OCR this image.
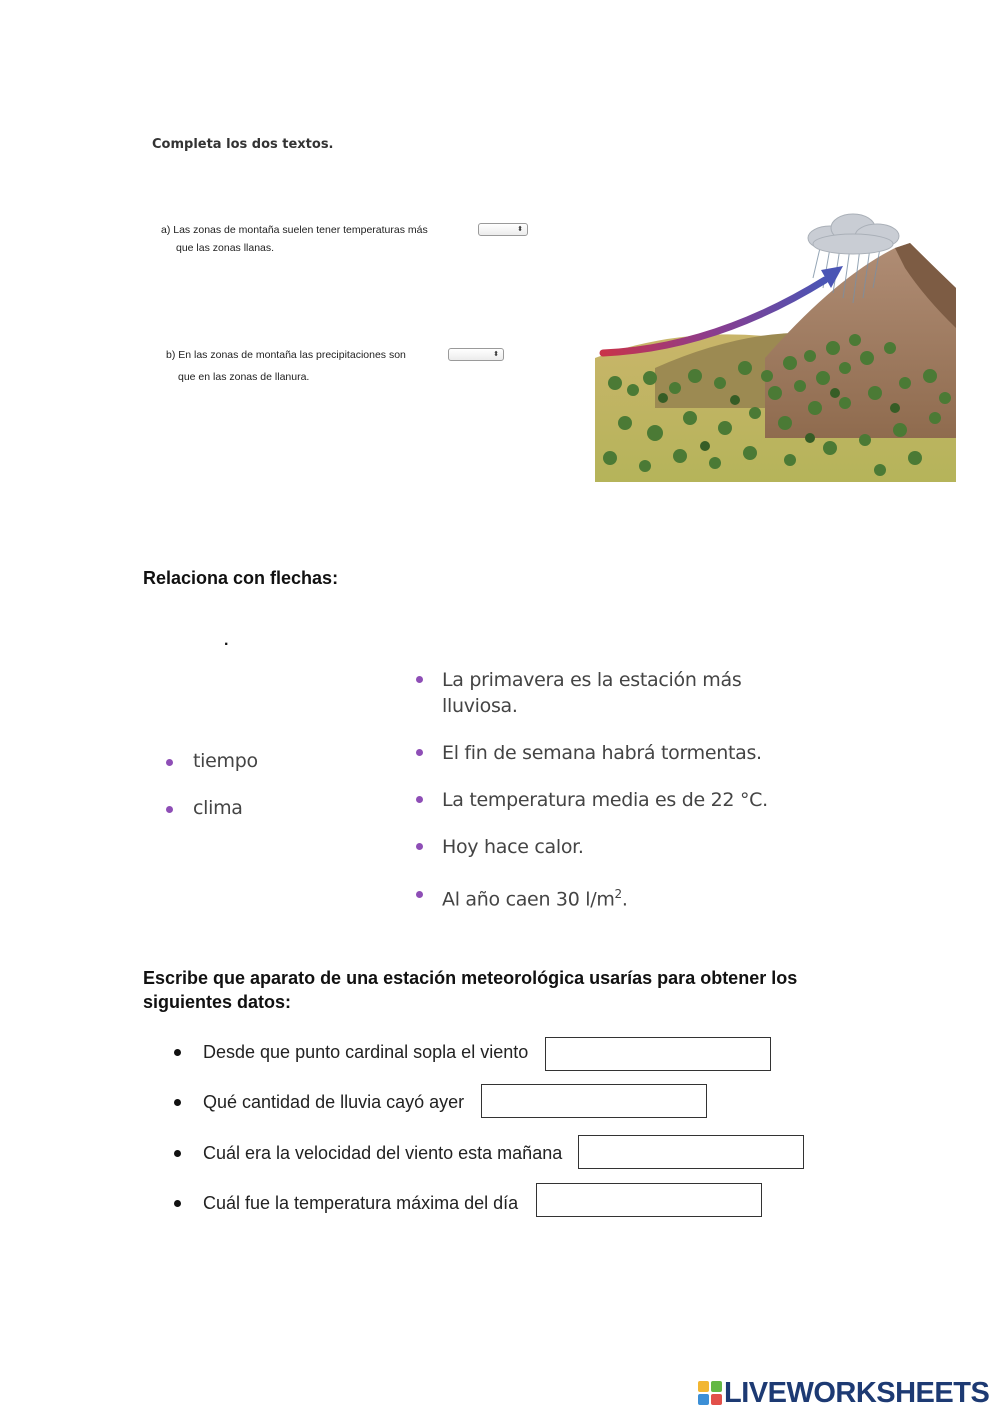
Completa los dos textos.
a) Las zonas de montaña suelen tener temperaturas más	⬍
que las zonas llanas.
b) En las zonas de montaña las precipitaciones son	⬍
que en las zonas de llanura.
Relaciona con flechas:
.
tiempo
clima
La primavera es la estación más
lluviosa.
El fin de semana habrá tormentas.
La temperatura media es de 22 °C.
Hoy hace calor.
Al año caen 30 $l/m^2$.
Escribe que aparato de una estación meteorológica usarías para obtener los siguientes datos:
Desde que punto cardinal sopla el viento
Qué cantidad de lluvia cayó ayer
Cuál era la velocidad del viento esta mañana
Cuál fue la temperatura máxima del día
LIVEWORKSHEETS
